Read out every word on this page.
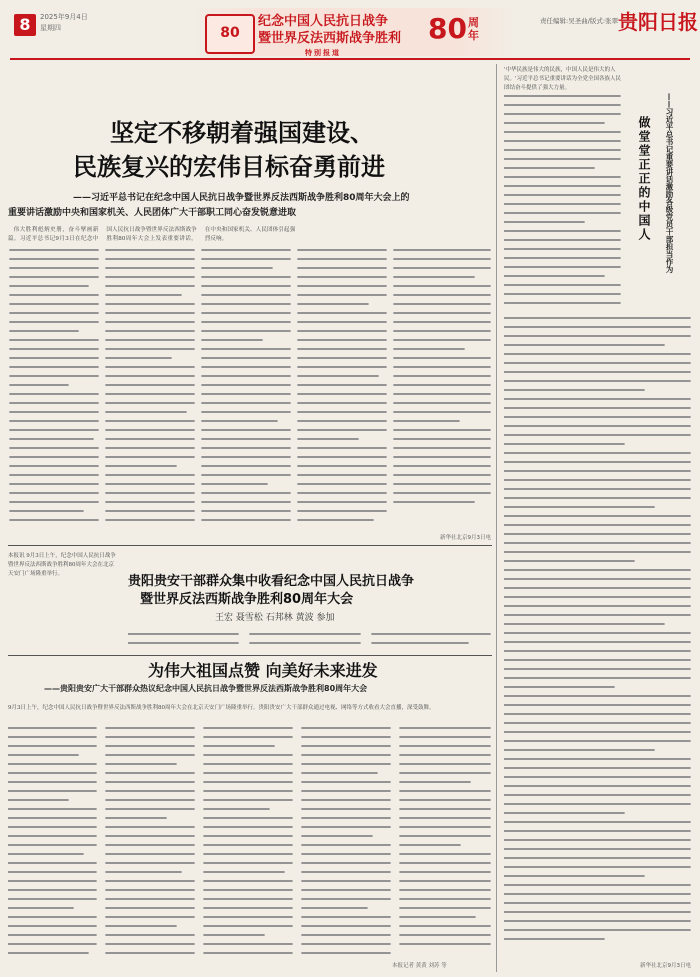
8	2025年9月4日
星期四	80
纪念中国人民抗日战争
暨世界反法西斯战争胜利
特别报道
80 周年
责任编辑:吴圣曲/版式:张翠 贵阳日报
坚定不移朝着强国建设、
民族复兴的宏伟目标奋勇前进
——习近平总书记在纪念中国人民抗日战争暨世界反法西斯战争胜利80周年大会上的
重要讲话激励中央和国家机关、人民团体广大干部职工同心奋发锐意进取

伟大胜利彪炳史册，奋斗擘画新篇。习近平总书记9月3日在纪念中国人民抗日战争暨世界反法西斯战争胜利80周年大会上发表重要讲话，在中央和国家机关、人民团体引起强烈反响。

新华社北京9月3日电
做堂堂正正的中国人	——习近平总书记重要讲话激励各级党员干部担当作为
'中华民族是伟大的民族，中国人民是伟大的人民。'习近平总书记重要讲话为全党全国各族人民团结奋斗提供了强大力量。
新华社北京9月3日电
本报讯 9月3日上午，纪念中国人民抗日战争暨世界反法西斯战争胜利80周年大会在北京天安门广场隆重举行。	贵阳贵安干部群众集中收看纪念中国人民抗日战争
暨世界反法西斯战争胜利80周年大会
王宏 聂雪松 石邦林 黄波 参加
为伟大祖国点赞 向美好未来进发
——贵阳贵安广大干部群众热议纪念中国人民抗日战争暨世界反法西斯战争胜利80周年大会
9月3日上午，纪念中国人民抗日战争暨世界反法西斯战争胜利80周年大会在北京天安门广场隆重举行。贵阳贵安广大干部群众通过电视、网络等方式收看大会直播，深受鼓舞。
本报记者 黄黄 刘苏 等
